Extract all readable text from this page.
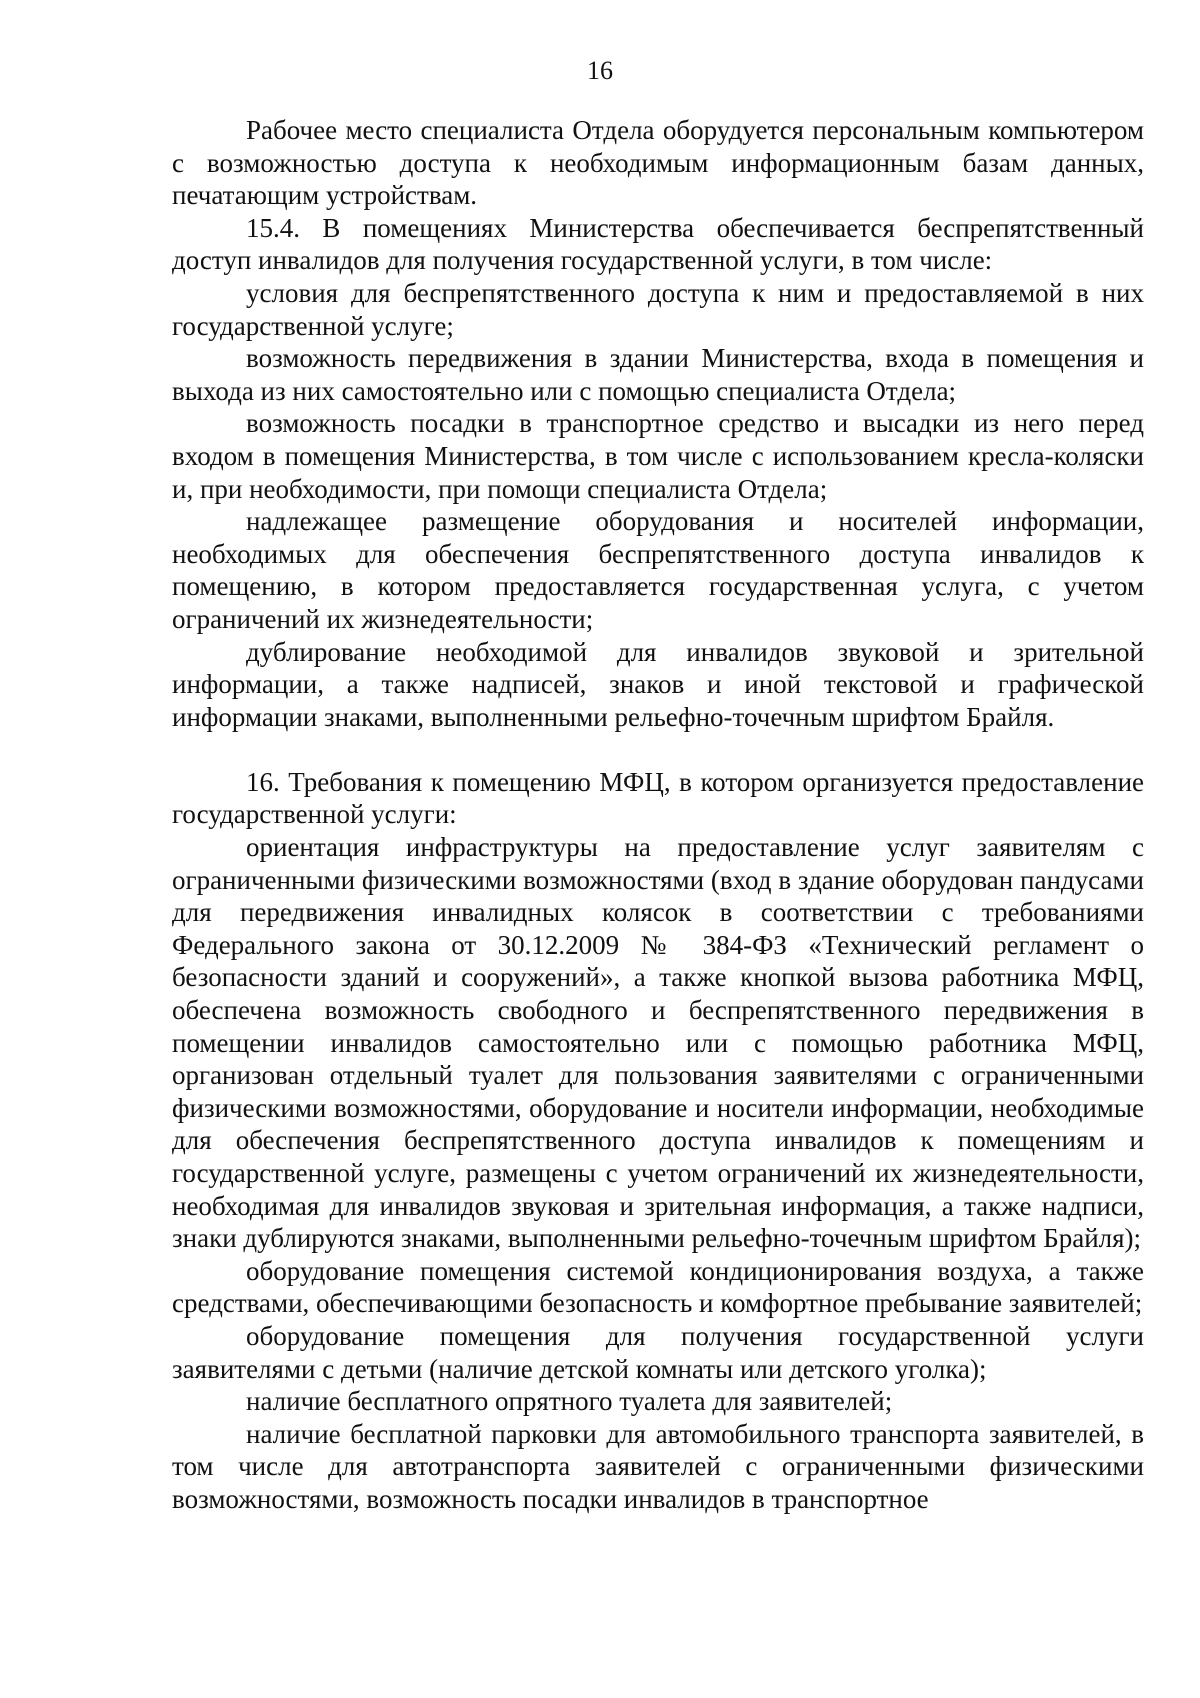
16

Рабочее место специалиста Отдела оборудуется персональным компьютером с возможностью доступа к необходимым информационным базам данных, печатающим устройствам.

15.4. В помещениях Министерства обеспечивается беспрепятственный доступ инвалидов для получения государственной услуги, в том числе:

условия для беспрепятственного доступа к ним и предоставляемой в них государственной услуге;

возможность передвижения в здании Министерства, входа в помещения и выхода из них самостоятельно или с помощью специалиста Отдела;

возможность посадки в транспортное средство и высадки из него перед входом в помещения Министерства, в том числе с использованием кресла-коляски и, при необходимости, при помощи специалиста Отдела;

надлежащее размещение оборудования и носителей информации, необходимых для обеспечения беспрепятственного доступа инвалидов к помещению, в котором предоставляется государственная услуга, с учетом ограничений их жизнедеятельности;

дублирование необходимой для инвалидов звуковой и зрительной информации, а также надписей, знаков и иной текстовой и графической информации знаками, выполненными рельефно-точечным шрифтом Брайля.

16. Требования к помещению МФЦ, в котором организуется предоставление государственной услуги:

ориентация инфраструктуры на предоставление услуг заявителям с ограниченными физическими возможностями (вход в здание оборудован пандусами для передвижения инвалидных колясок в соответствии с требованиями Федерального закона от 30.12.2009 № 384-ФЗ «Технический регламент о безопасности зданий и сооружений», а также кнопкой вызова работника МФЦ, обеспечена возможность свободного и беспрепятственного передвижения в помещении инвалидов самостоятельно или с помощью работника МФЦ, организован отдельный туалет для пользования заявителями с ограниченными физическими возможностями, оборудование и носители информации, необходимые для обеспечения беспрепятственного доступа инвалидов к помещениям и государственной услуге, размещены с учетом ограничений их жизнедеятельности, необходимая для инвалидов звуковая и зрительная информация, а также надписи, знаки дублируются знаками, выполненными рельефно-точечным шрифтом Брайля);

оборудование помещения системой кондиционирования воздуха, а также средствами, обеспечивающими безопасность и комфортное пребывание заявителей;

оборудование помещения для получения государственной услуги заявителями с детьми (наличие детской комнаты или детского уголка);

наличие бесплатного опрятного туалета для заявителей;

наличие бесплатной парковки для автомобильного транспорта заявителей, в том числе для автотранспорта заявителей с ограниченными физическими возможностями, возможность посадки инвалидов в транспортное
